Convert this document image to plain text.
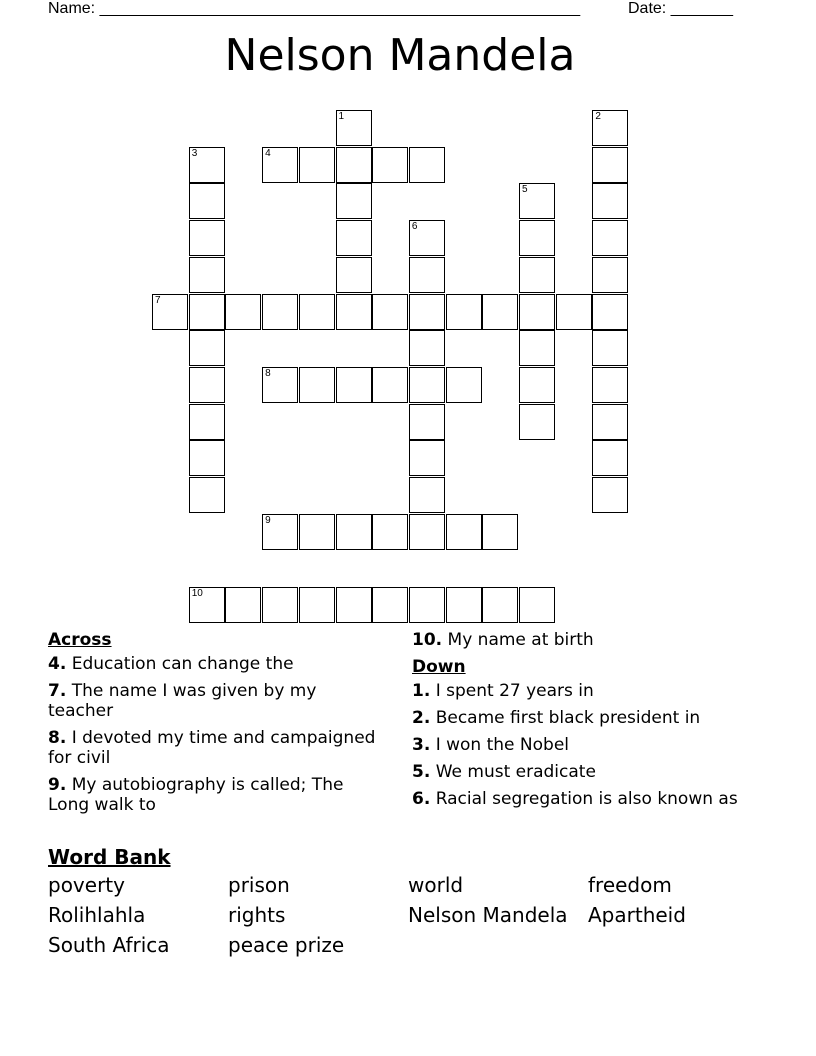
Name: ______________________________________________________	Date: _______
Nelson Mandela
1	2
3	4
5
6
7
8
9
10
Across
4. Education can change the
7. The name I was given by my teacher
8. I devoted my time and campaigned for civil
9. My autobiography is called; The Long walk to
10. My name at birth
Down
1. I spent 27 years in
2. Became first black president in
3. I won the Nobel
5. We must eradicate
6. Racial segregation is also known as
Word Bank
poverty	prison	world	freedom
Rolihlahla	rights	Nelson Mandela	Apartheid
South Africa	peace prize
